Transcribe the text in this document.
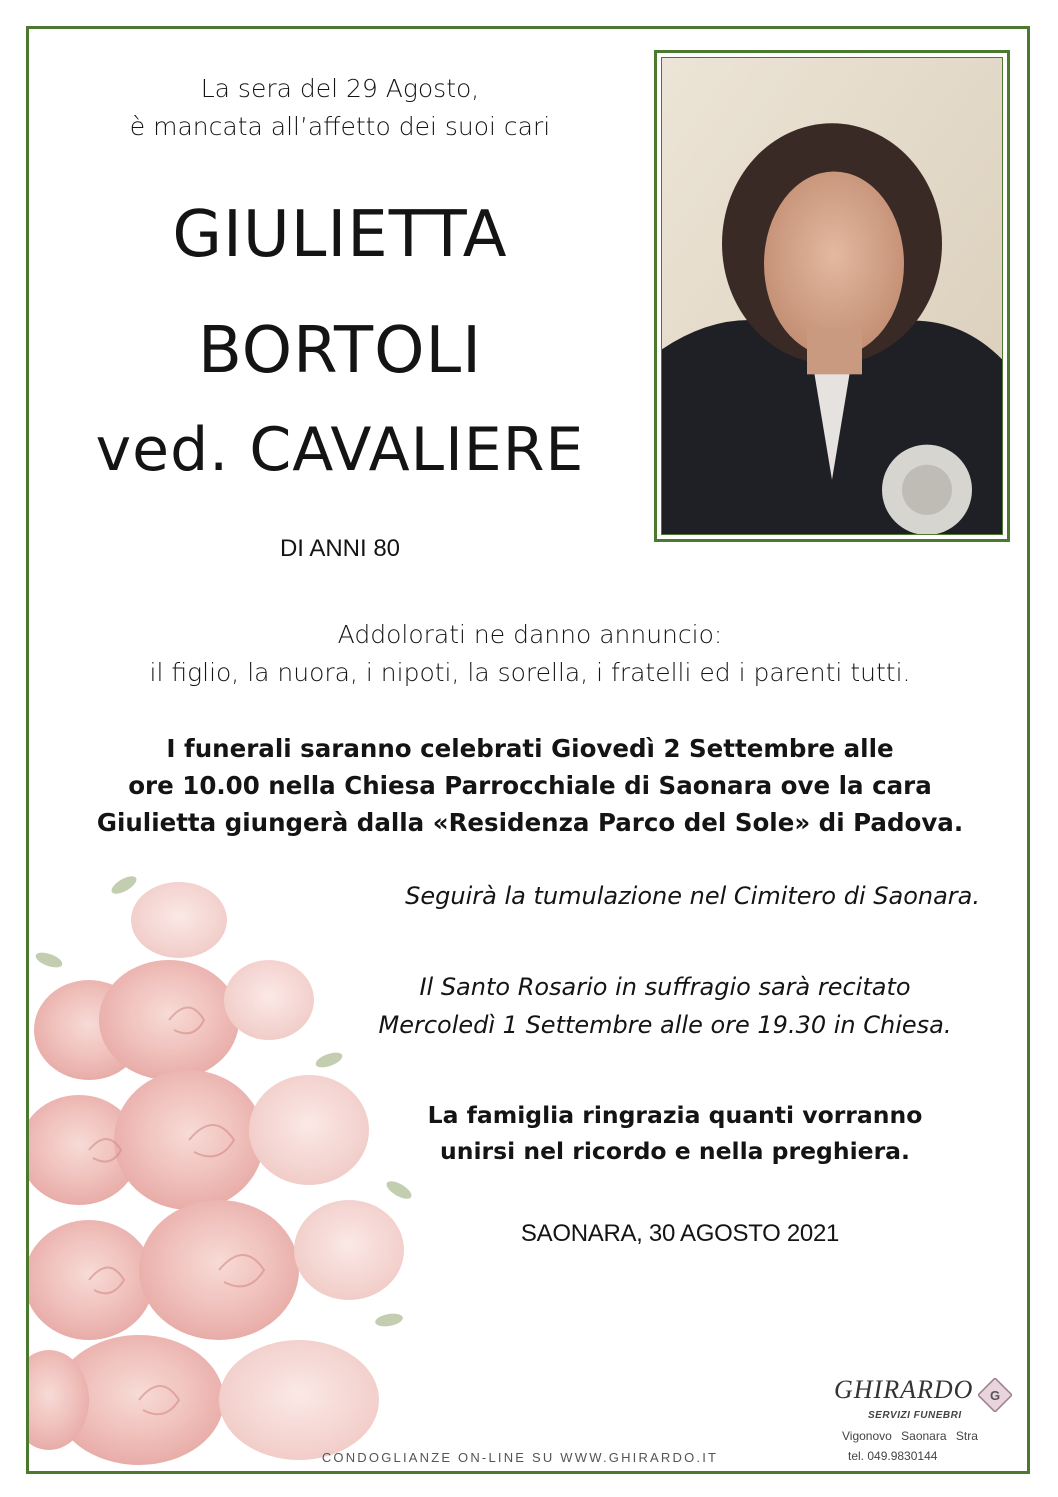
La sera del 29 Agosto,
è mancata all’affetto dei suoi cari
GIULIETTA
BORTOLI
ved. CAVALIERE
DI ANNI 80
Addolorati ne danno annuncio:
il figlio, la nuora, i nipoti, la sorella, i fratelli ed i parenti tutti.
I funerali saranno celebrati Giovedì 2 Settembre alle
ore 10.00 nella Chiesa Parrocchiale di Saonara ove la cara
Giulietta giungerà dalla «Residenza Parco del Sole» di Padova.
Seguirà la tumulazione nel Cimitero di Saonara.
Il Santo Rosario in suffragio sarà recitato
Mercoledì 1 Settembre alle ore 19.30 in Chiesa.
La famiglia ringrazia quanti vorranno
unirsi nel ricordo e nella preghiera.
SAONARA, 30 AGOSTO 2021
CONDOGLIANZE ON-LINE SU WWW.GHIRARDO.IT
GHIRARDO
SERVIZI FUNEBRI
G
Vigonovo Saonara Stra
tel. 049.9830144
